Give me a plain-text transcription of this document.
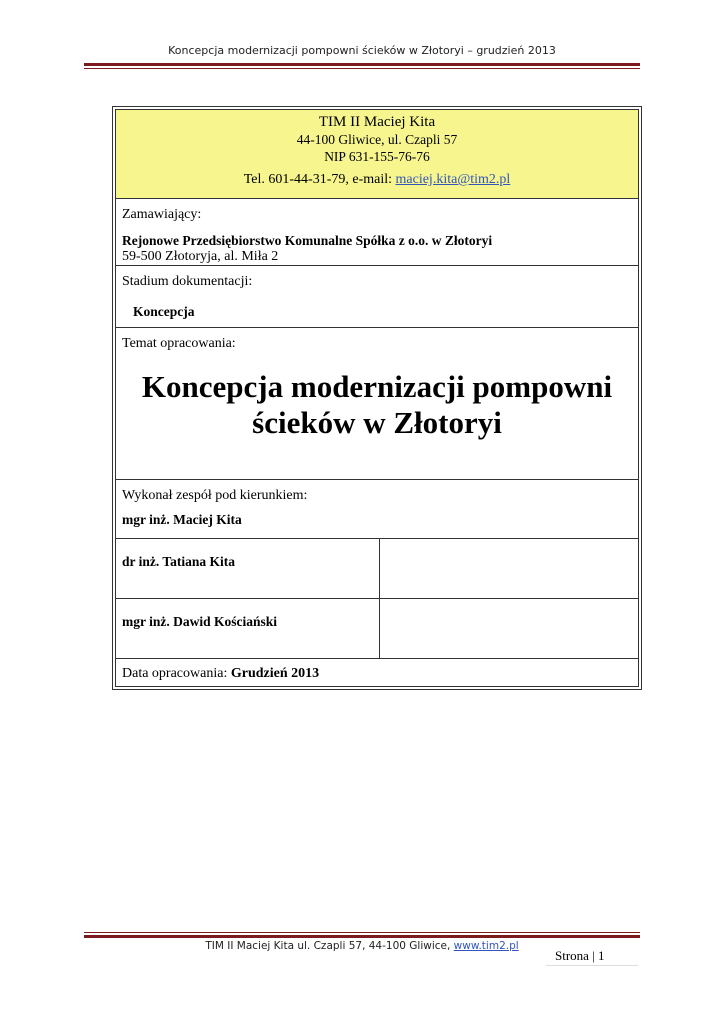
Koncepcja modernizacji pompowni ścieków w Złotoryi – grudzień 2013
TIM II Maciej Kita
44-100 Gliwice, ul. Czapli 57
NIP 631-155-76-76
Tel. 601-44-31-79, e-mail: maciej.kita@tim2.pl
Zamawiający:
Rejonowe Przedsiębiorstwo Komunalne Spółka z o.o. w Złotoryi
59-500 Złotoryja, al. Miła 2
Stadium dokumentacji:
Koncepcja
Temat opracowania:
Koncepcja modernizacji pompowni
ścieków w Złotoryi
Wykonał zespół pod kierunkiem:
mgr inż. Maciej Kita
dr inż. Tatiana Kita
mgr inż. Dawid Kościański
Data opracowania: Grudzień 2013
TIM II Maciej Kita ul. Czapli 57, 44-100 Gliwice, www.tim2.pl
Strona | 1
